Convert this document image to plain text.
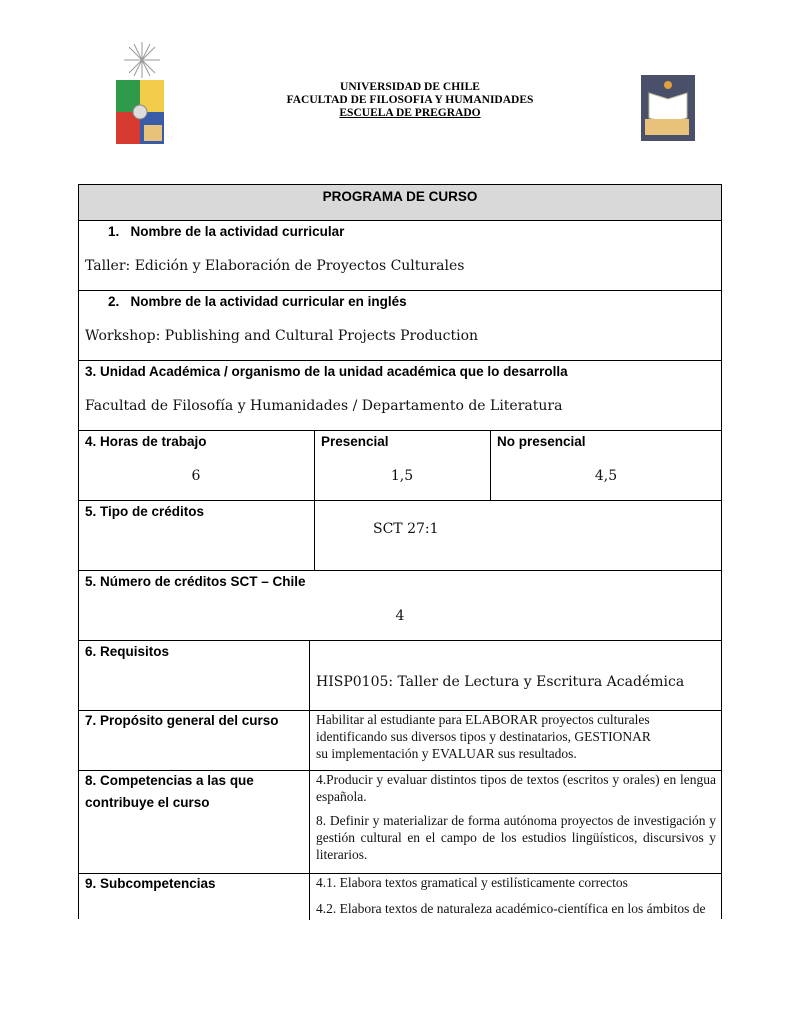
UNIVERSIDAD DE CHILE
FACULTAD DE FILOSOFIA Y HUMANIDADES
ESCUELA DE PREGRADO
PROGRAMA DE CURSO
1.   Nombre de la actividad curricular
Taller: Edición y Elaboración de Proyectos Culturales
2.   Nombre de la actividad curricular en inglés
Workshop: Publishing and Cultural Projects Production
3. Unidad Académica / organismo de la unidad académica que lo desarrolla
Facultad de Filosofía y Humanidades / Departamento de Literatura
4. Horas de trabajo
6
Presencial
1,5
No presencial
4,5
5. Tipo de créditos
SCT 27:1
5. Número de créditos SCT – Chile
4
6. Requisitos
HISP0105: Taller de Lectura y Escritura Académica
7. Propósito general del curso	Habilitar al estudiante para ELABORAR proyectos culturales identificando sus diversos tipos y destinatarios, GESTIONAR su implementación y EVALUAR sus resultados.
8. Competencias a las que
contribuye el curso
4.Producir y evaluar distintos tipos de textos (escritos y orales) en lengua española.
8. Definir y materializar de forma autónoma proyectos de investigación y gestión cultural en el campo de los estudios lingüísticos, discursivos y literarios.
9. Subcompetencias	4.1. Elabora textos gramatical y estilísticamente correctos
4.2. Elabora textos de naturaleza académico-científica en los ámbitos de
